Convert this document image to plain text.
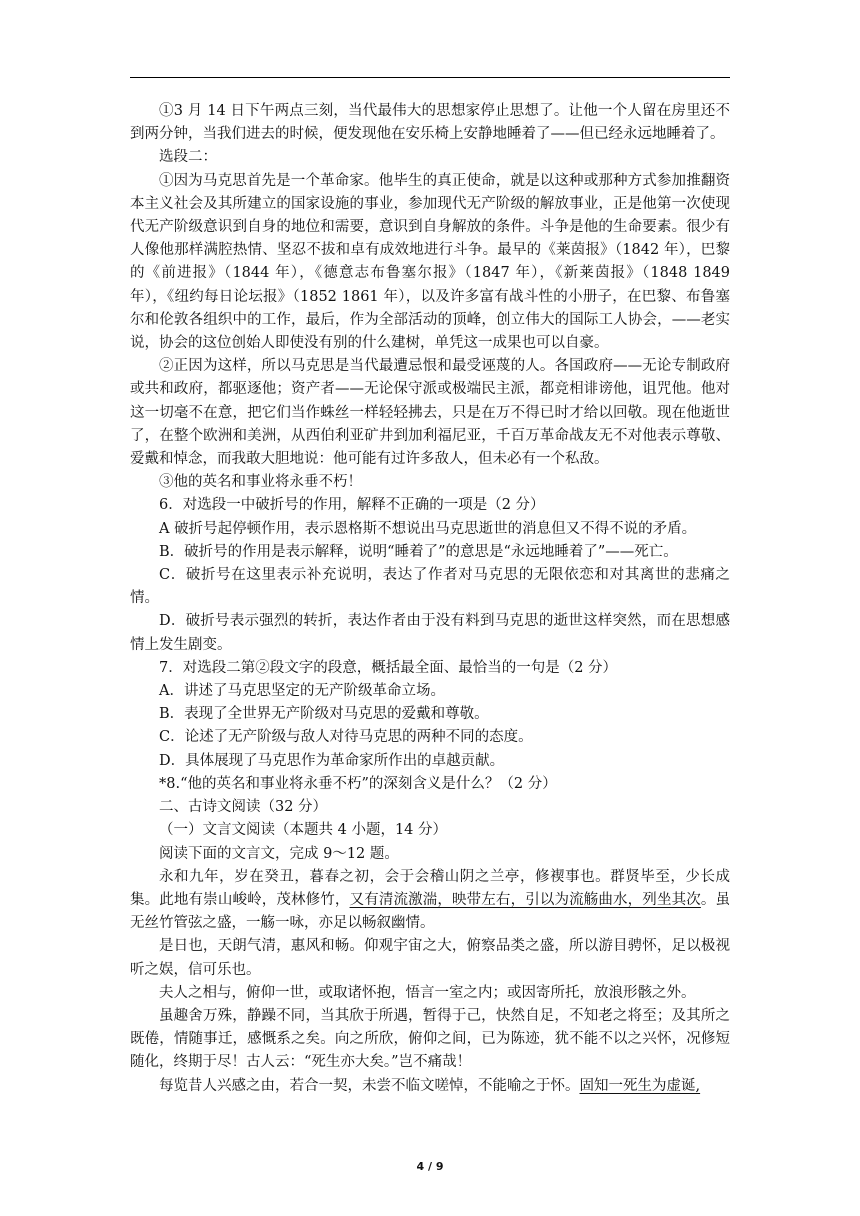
①3 月 14 日下午两点三刻，当代最伟大的思想家停止思想了。让他一个人留在房里还不到两分钟，当我们进去的时候，便发现他在安乐椅上安静地睡着了——但已经永远地睡着了。

选段二：

①因为马克思首先是一个革命家。他毕生的真正使命，就是以这种或那种方式参加推翻资本主义社会及其所建立的国家设施的事业，参加现代无产阶级的解放事业，正是他第一次使现代无产阶级意识到自身的地位和需要，意识到自身解放的条件。斗争是他的生命要素。很少有人像他那样满腔热情、坚忍不拔和卓有成效地进行斗争。最早的《莱茵报》（1842 年），巴黎的《前进报》（1844 年），《德意志布鲁塞尔报》（1847 年），《新莱茵报》（1848 1849 年），《纽约每日论坛报》（1852 1861 年），以及许多富有战斗性的小册子，在巴黎、布鲁塞尔和伦敦各组织中的工作，最后，作为全部活动的顶峰，创立伟大的国际工人协会，——老实说，协会的这位创始人即使没有别的什么建树，单凭这一成果也可以自豪。

②正因为这样，所以马克思是当代最遭忌恨和最受诬蔑的人。各国政府——无论专制政府或共和政府，都驱逐他；资产者——无论保守派或极端民主派，都竞相诽谤他，诅咒他。他对这一切毫不在意，把它们当作蛛丝一样轻轻拂去，只是在万不得已时才给以回敬。现在他逝世了，在整个欧洲和美洲，从西伯利亚矿井到加利福尼亚，千百万革命战友无不对他表示尊敬、爱戴和悼念，而我敢大胆地说：他可能有过许多敌人，但未必有一个私敌。

③他的英名和事业将永垂不朽！

6．对选段一中破折号的作用，解释不正确的一项是（2 分）

A 破折号起停顿作用，表示恩格斯不想说出马克思逝世的消息但又不得不说的矛盾。

B．破折号的作用是表示解释，说明“睡着了”的意思是“永远地睡着了”——死亡。

C．破折号在这里表示补充说明，表达了作者对马克思的无限依恋和对其离世的悲痛之情。

D．破折号表示强烈的转折，表达作者由于没有料到马克思的逝世这样突然，而在思想感情上发生剧变。

7．对选段二第②段文字的段意，概括最全面、最恰当的一句是（2 分）

A．讲述了马克思坚定的无产阶级革命立场。

B．表现了全世界无产阶级对马克思的爱戴和尊敬。

C．论述了无产阶级与敌人对待马克思的两种不同的态度。

D．具体展现了马克思作为革命家所作出的卓越贡献。

*8.“他的英名和事业将永垂不朽”的深刻含义是什么？（2 分）

二、古诗文阅读（32 分）

（一）文言文阅读（本题共 4 小题，14 分）

阅读下面的文言文，完成 9～12 题。

永和九年，岁在癸丑，暮春之初，会于会稽山阴之兰亭，修褉事也。群贤毕至，少长成集。此地有崇山峻岭，茂林修竹，又有清流激湍，映带左右，引以为流觞曲水，列坐其次。虽无丝竹管弦之盛，一觞一咏，亦足以畅叙幽情。

是日也，天朗气清，惠风和畅。仰观宇宙之大，俯察品类之盛，所以游目骋怀，足以极视听之娱，信可乐也。

夫人之相与，俯仰一世，或取诸怀抱，悟言一室之内；或因寄所托，放浪形骸之外。

虽趣舍万殊，静躁不同，当其欣于所遇，暂得于己，快然自足，不知老之将至；及其所之既倦，情随事迁，感慨系之矣。向之所欣，俯仰之间，已为陈迹，犹不能不以之兴怀，况修短随化，终期于尽！古人云：“死生亦大矣。”岂不痛哉！

每览昔人兴感之由，若合一契，未尝不临文嗟悼，不能喻之于怀。固知一死生为虚诞,

4 / 9
